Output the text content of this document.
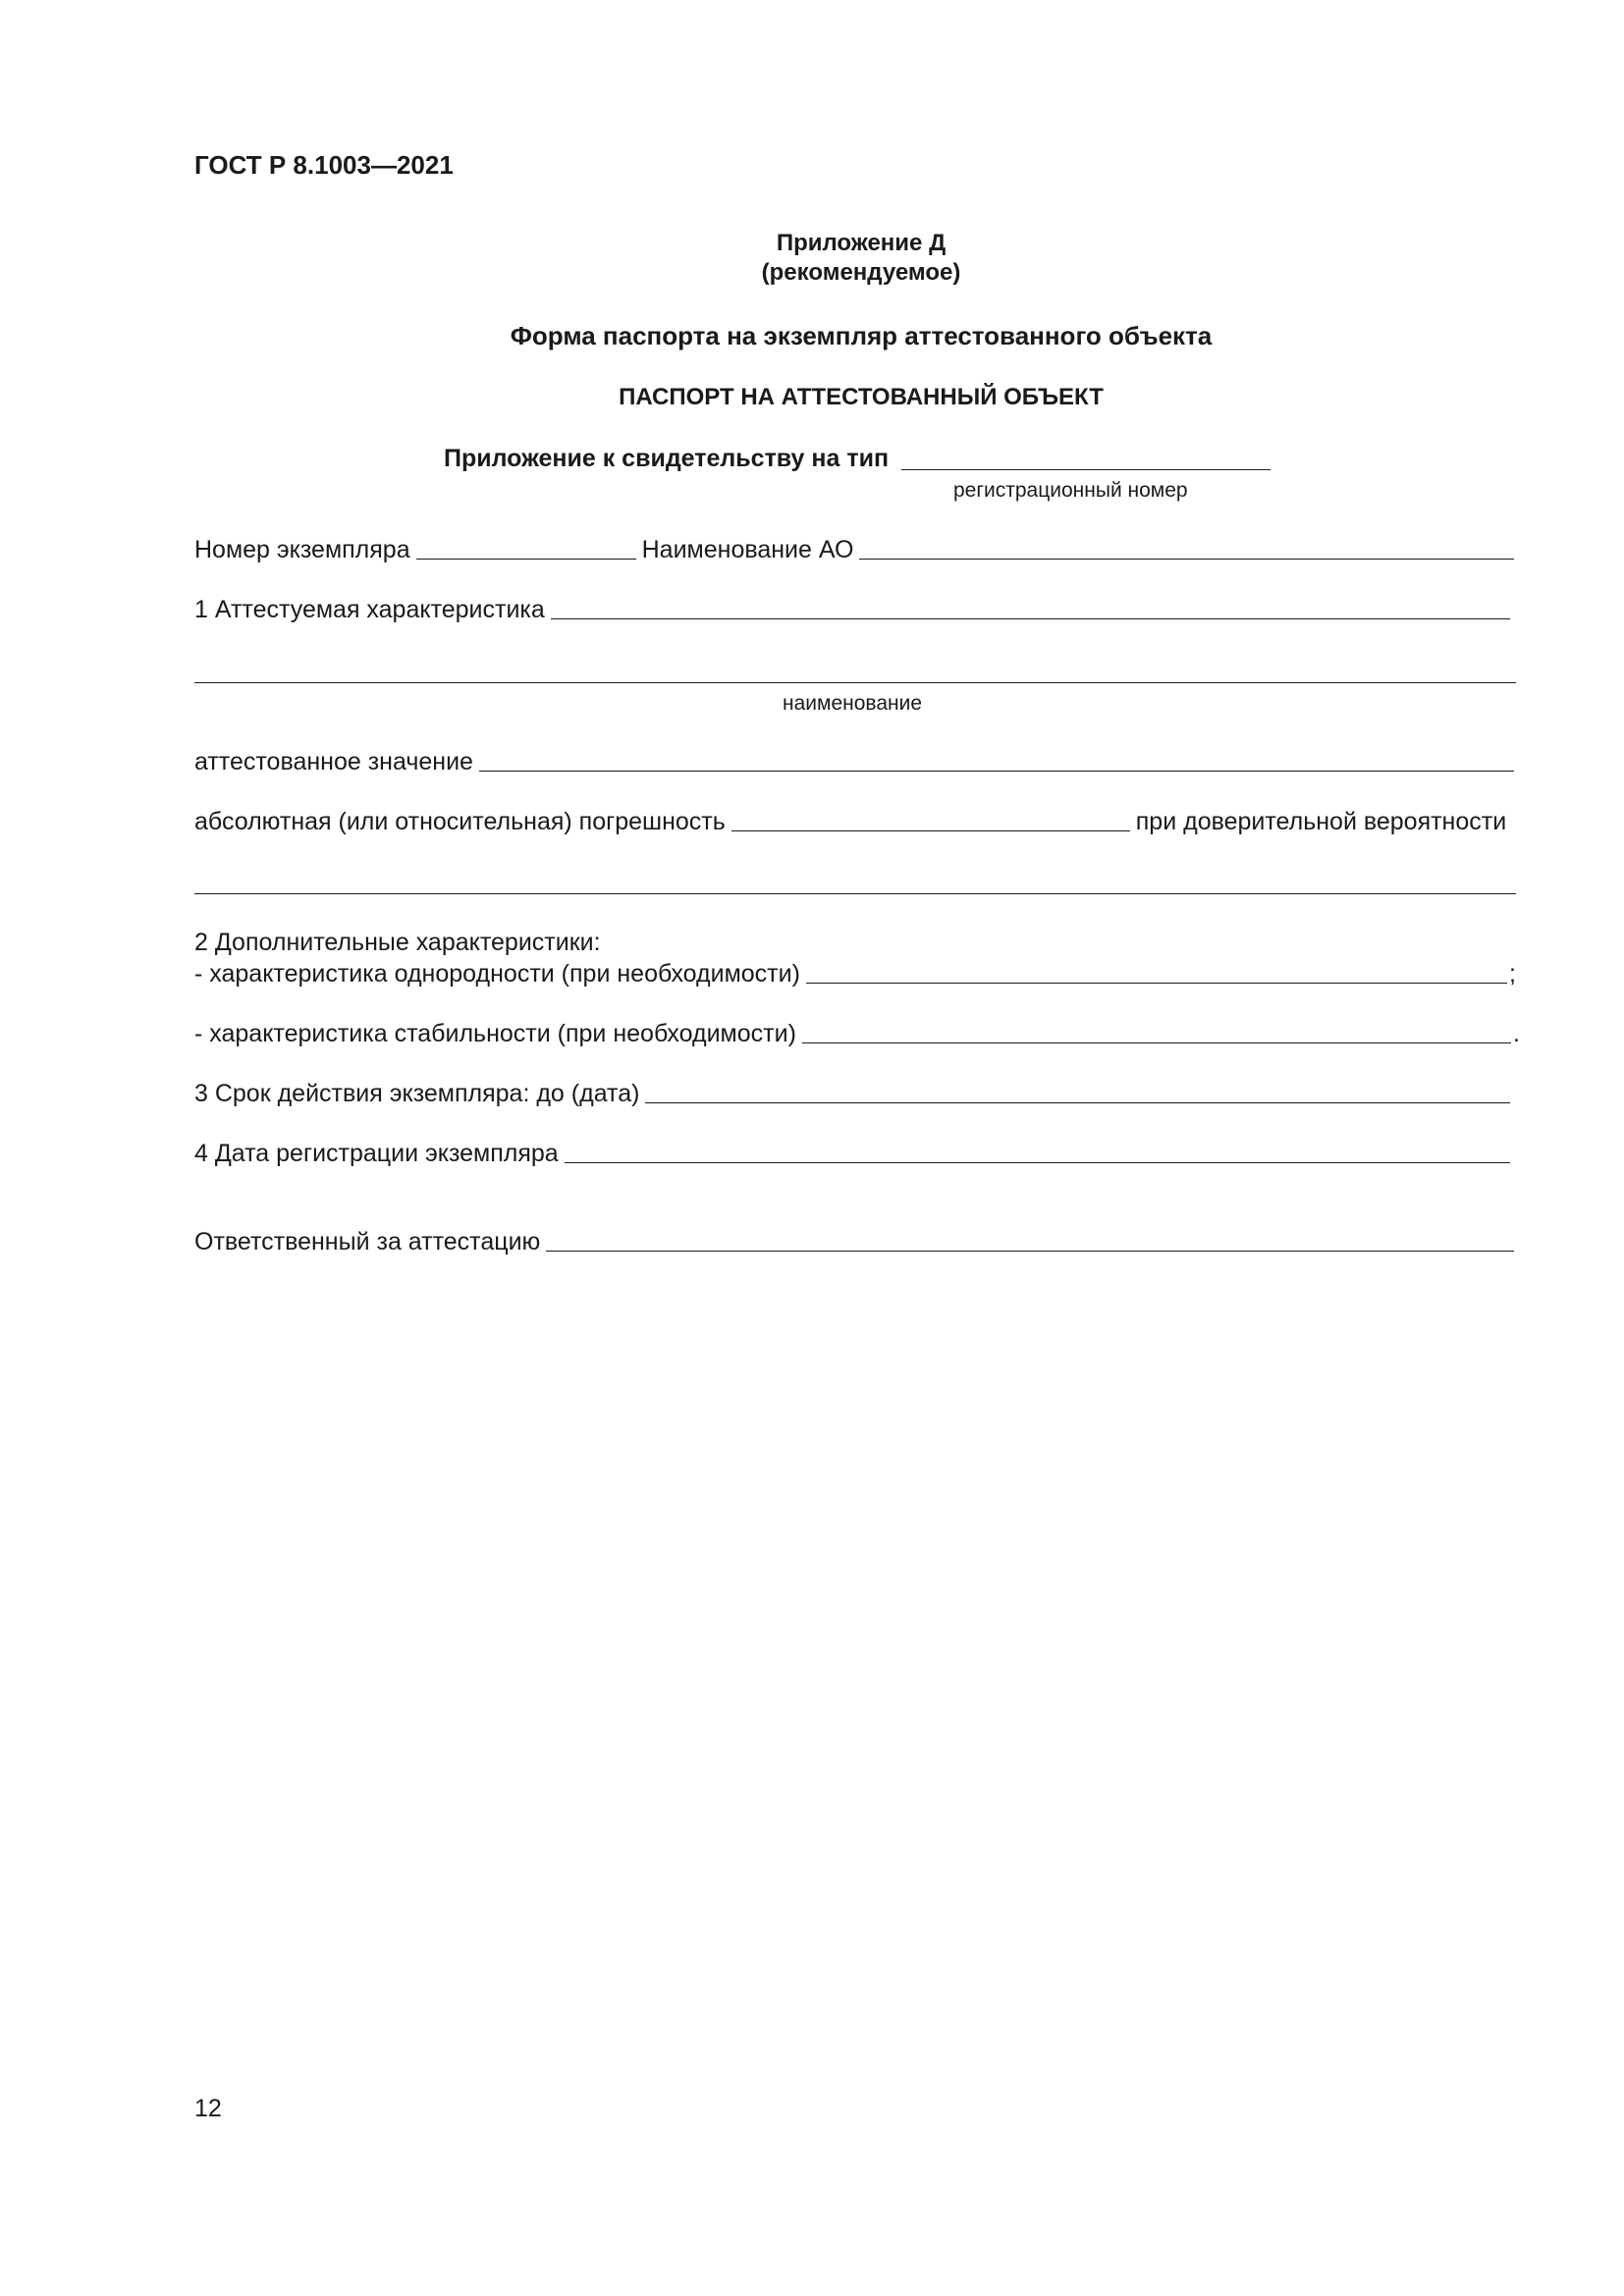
ГОСТ Р 8.1003—2021
Приложение Д
(рекомендуемое)
Форма паспорта на экземпляр аттестованного объекта
ПАСПОРТ НА АТТЕСТОВАННЫЙ ОБЪЕКТ
Приложение к свидетельству на тип
регистрационный номер
Номер экземпляра	Наименование АО
1 Аттестуемая характеристика
наименование
аттестованное значение
абсолютная (или относительная) погрешность	при доверительной вероятности
2 Дополнительные характеристики:
- характеристика однородности (при необходимости)	;
- характеристика стабильности (при необходимости)	.
3 Срок действия экземпляра: до (дата)
4 Дата регистрации экземпляра
Ответственный за аттестацию
12
